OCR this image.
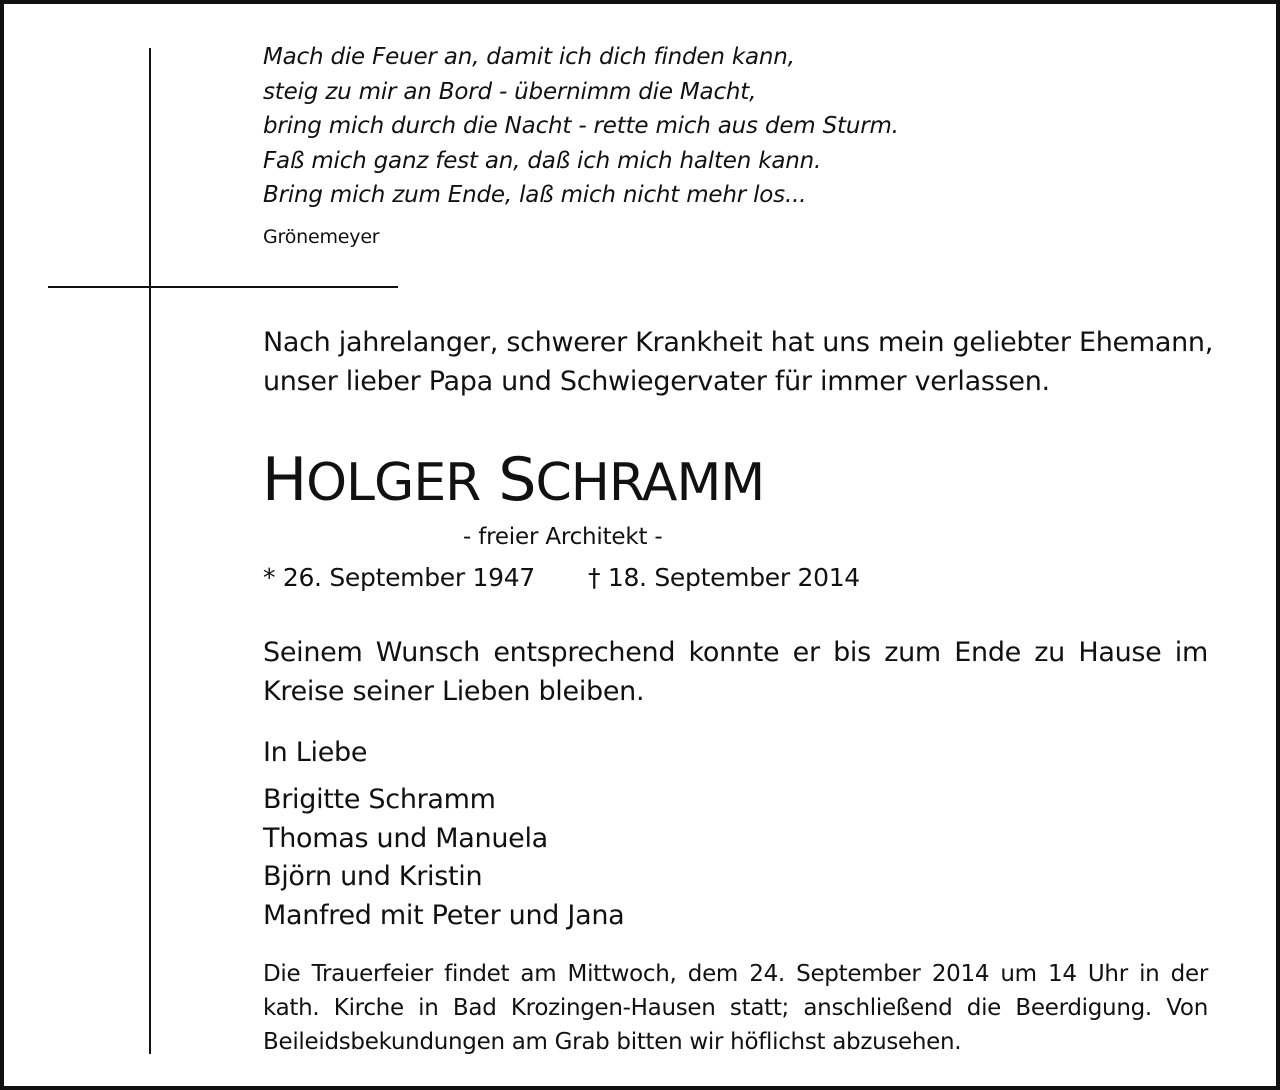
Mach die Feuer an, damit ich dich finden kann,
steig zu mir an Bord - übernimm die Macht,
bring mich durch die Nacht - rette mich aus dem Sturm.
Faß mich ganz fest an, daß ich mich halten kann.
Bring mich zum Ende, laß mich nicht mehr los...
Grönemeyer
Nach jahrelanger, schwerer Krankheit hat uns mein geliebter Ehemann,
unser lieber Papa und Schwiegervater für immer verlassen.
HOLGER SCHRAMM
- freier Architekt -
* 26. September 1947 † 18. September 2014
Seinem Wunsch entsprechend konnte er bis zum Ende zu Hause im
Kreise seiner Lieben bleiben.
In Liebe
Brigitte Schramm
Thomas und Manuela
Björn und Kristin
Manfred mit Peter und Jana
Die Trauerfeier findet am Mittwoch, dem 24. September 2014 um 14 Uhr in der
kath. Kirche in Bad Krozingen-Hausen statt; anschließend die Beerdigung. Von
Beileidsbekundungen am Grab bitten wir höflichst abzusehen.
